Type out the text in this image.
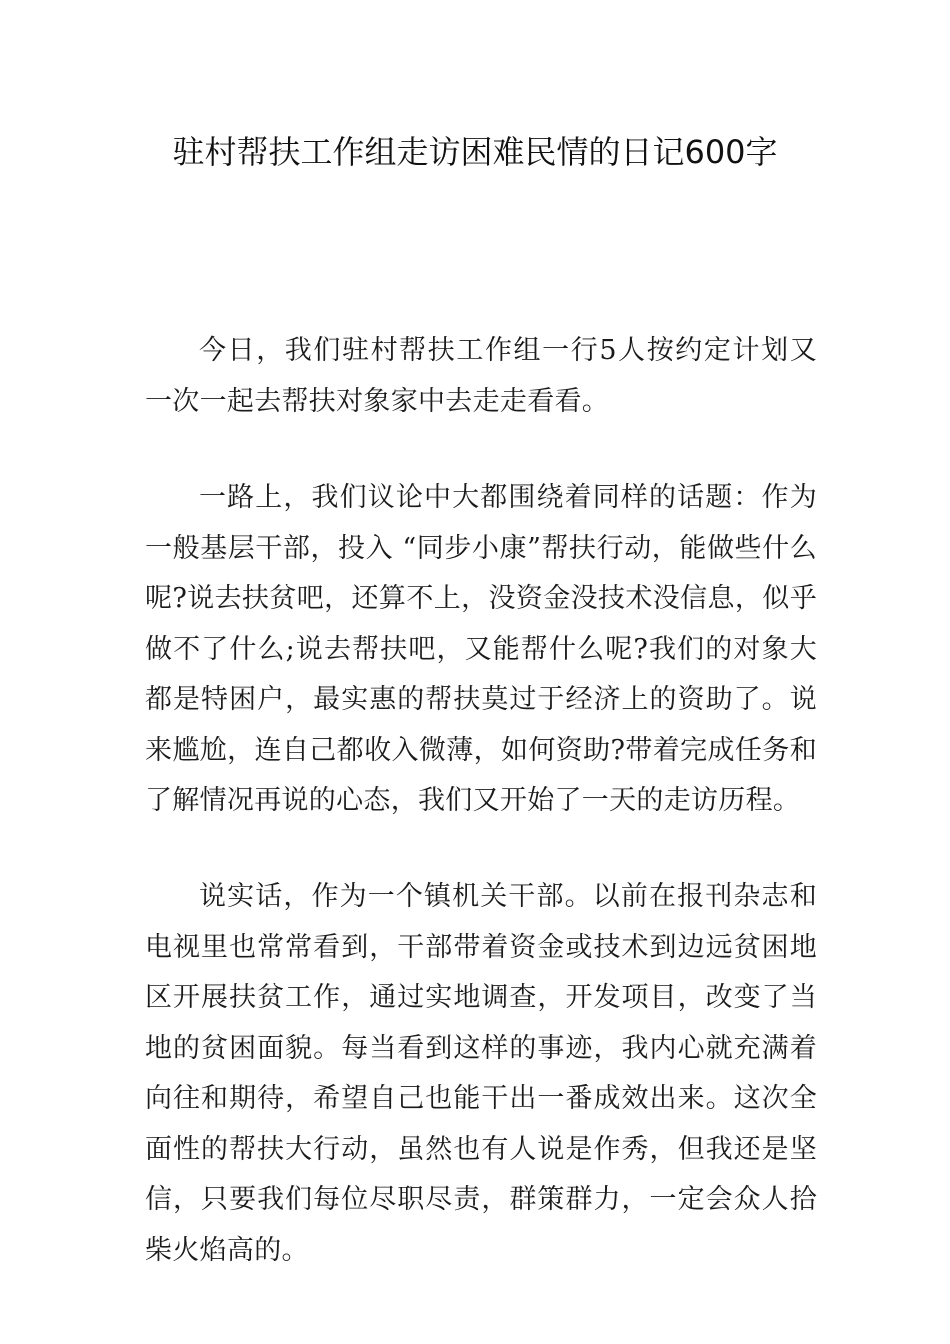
驻村帮扶工作组走访困难民情的日记600字

今日，我们驻村帮扶工作组一行5人按约定计划又一次一起去帮扶对象家中去走走看看。

一路上，我们议论中大都围绕着同样的话题：作为一般基层干部，投入 “同步小康”帮扶行动，能做些什么呢?说去扶贫吧，还算不上，没资金没技术没信息，似乎做不了什么;说去帮扶吧，又能帮什么呢?我们的对象大都是特困户，最实惠的帮扶莫过于经济上的资助了。说来尴尬，连自己都收入微薄，如何资助?带着完成任务和了解情况再说的心态，我们又开始了一天的走访历程。

说实话，作为一个镇机关干部。以前在报刊杂志和电视里也常常看到，干部带着资金或技术到边远贫困地区开展扶贫工作，通过实地调查，开发项目，改变了当地的贫困面貌。每当看到这样的事迹，我内心就充满着向往和期待，希望自己也能干出一番成效出来。这次全面性的帮扶大行动，虽然也有人说是作秀，但我还是坚信，只要我们每位尽职尽责，群策群力，一定会众人拾柴火焰高的。
